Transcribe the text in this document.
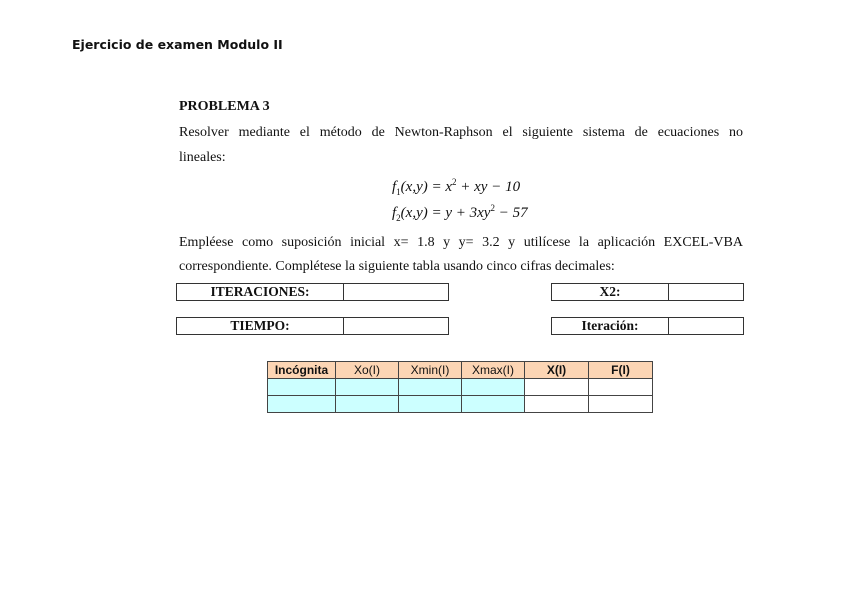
Ejercicio de examen Modulo II
PROBLEMA 3
Resolver mediante el método de Newton-Raphson el siguiente sistema de ecuaciones no
lineales:
$f_1(x,y) = x^2$ + xy − 10
$f_2(x,y) = y + 3xy^2 - 57$
Empléese como suposición inicial x= 1.8 y y= 3.2 y utilícese la aplicación EXCEL-VBA
correspondiente. Complétese la siguiente tabla usando cinco cifras decimales:
ITERACIONES:		X2:	
TIEMPO:		Iteración:	
Incógnita	Xo(I)	Xmin(I)	Xmax(I)	X(I)	F(I)
